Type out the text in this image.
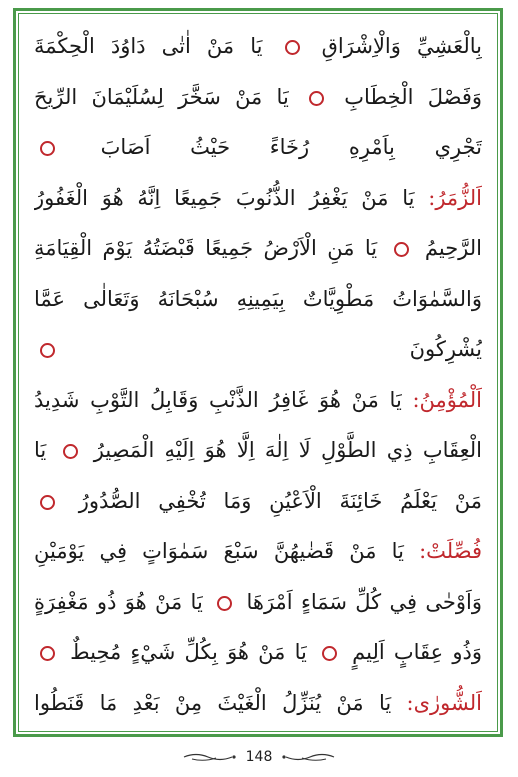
بِالْعَشِيِّ وَالْاِشْرَاقِ  يَا مَنْ اٰتٰى دَاوُدَ الْحِكْمَةَ
وَفَصْلَ الْخِطَابِ  يَا مَنْ سَخَّرَ لِسُلَيْمَانَ الرِّيحَ
تَجْرِي بِاَمْرِهِ رُخَاءً حَيْثُ اَصَابَ
اَلزُّمَرُ: يَا مَنْ يَغْفِرُ الذُّنُوبَ جَمِيعًا اِنَّهُ هُوَ الْغَفُورُ
الرَّحِيمُ  يَا مَنِ الْاَرْضُ جَمِيعًا قَبْضَتُهُ يَوْمَ الْقِيَامَةِ
وَالسَّمٰوَاتُ مَطْوِيَّاتٌ بِيَمِينِهِ سُبْحَانَهُ وَتَعَالٰى عَمَّا
يُشْرِكُونَ
اَلْمُؤْمِنُ: يَا مَنْ هُوَ غَافِرُ الذَّنْبِ وَقَابِلُ التَّوْبِ شَدِيدُ
الْعِقَابِ ذِي الطَّوْلِ لَا اِلٰهَ اِلَّا هُوَ اِلَيْهِ الْمَصِيرُ  يَا
مَنْ يَعْلَمُ خَائِنَةَ الْاَعْيُنِ وَمَا تُخْفِي الصُّدُورُ
فُصِّلَتْ: يَا مَنْ قَضٰيهُنَّ سَبْعَ سَمٰوَاتٍ فِي يَوْمَيْنِ
وَاَوْحٰى فِي كُلِّ سَمَاءٍ اَمْرَهَا  يَا مَنْ هُوَ ذُو مَغْفِرَةٍ
وَذُو عِقَابٍ اَلِيمٍ  يَا مَنْ هُوَ بِكُلِّ شَيْءٍ مُحِيطٌ
اَلشُّورٰى: يَا مَنْ يُنَزِّلُ الْغَيْثَ مِنْ بَعْدِ مَا قَنَطُوا
148
